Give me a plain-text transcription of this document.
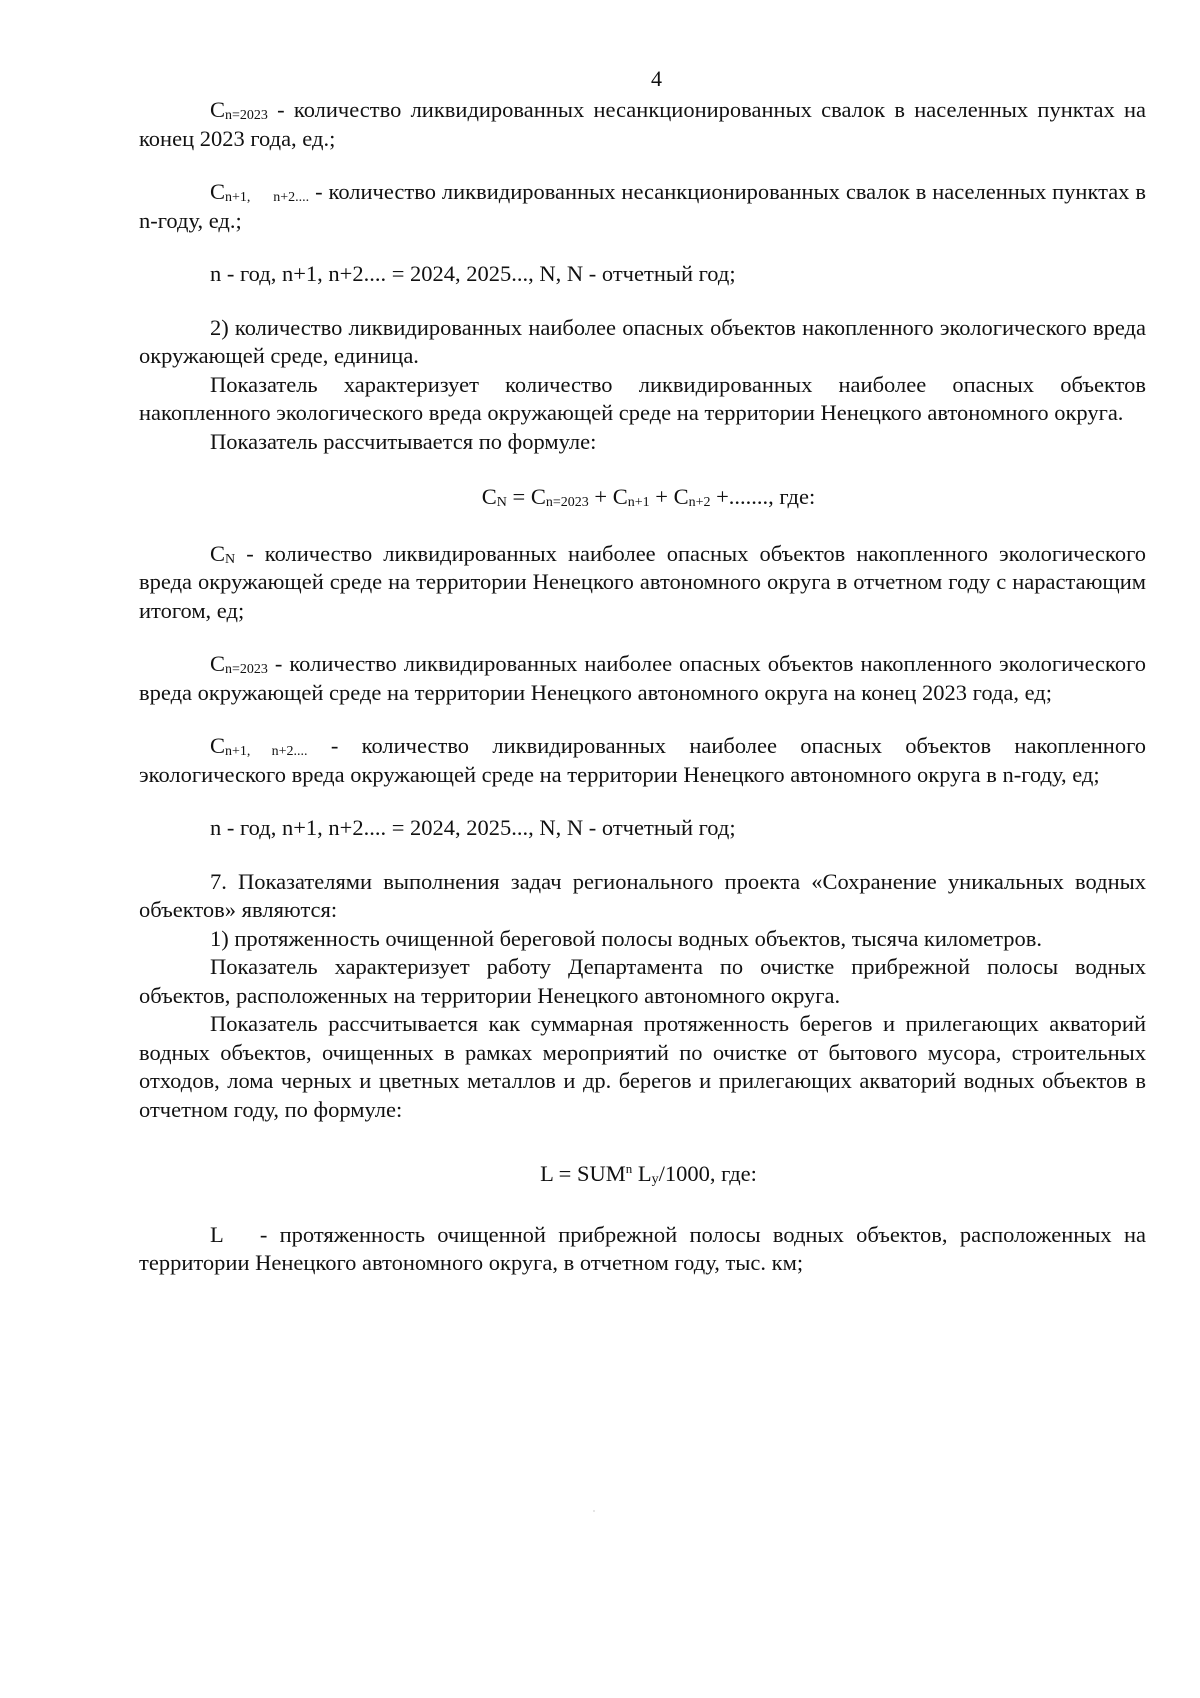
4

$C_{n=2023}$ - количество ликвидированных несанкционированных свалок в населенных пунктах на конец 2023 года, ед.;

$C_{n+1, n+2....}$ - количество ликвидированных несанкционированных свалок в населенных пунктах в n-году, ед.;

n - год, n+1, n+2.... = 2024, 2025..., N, N - отчетный год;

2) количество ликвидированных наиболее опасных объектов накопленного экологического вреда окружающей среде, единица.

Показатель характеризует количество ликвидированных наиболее опасных объектов накопленного экологического вреда окружающей среде на территории Ненецкого автономного округа.

Показатель рассчитывается по формуле:

$C_N = C_{n=2023} + C_{n+1} + C_{n+2}$ +......., где:

$C_N$ - количество ликвидированных наиболее опасных объектов накопленного экологического вреда окружающей среде на территории Ненецкого автономного округа в отчетном году с нарастающим итогом, ед;

$C_{n=2023}$ - количество ликвидированных наиболее опасных объектов накопленного экологического вреда окружающей среде на территории Ненецкого автономного округа на конец 2023 года, ед;

$C_{n+1, n+2....}$ - количество ликвидированных наиболее опасных объектов накопленного экологического вреда окружающей среде на территории Ненецкого автономного округа в n-году, ед;

n - год, n+1, n+2.... = 2024, 2025..., N, N - отчетный год;

7. Показателями выполнения задач регионального проекта «Сохранение уникальных водных объектов» являются:

1) протяженность очищенной береговой полосы водных объектов, тысяча километров.

Показатель характеризует работу Департамента по очистке прибрежной полосы водных объектов, расположенных на территории Ненецкого автономного округа.

Показатель рассчитывается как суммарная протяженность берегов и прилегающих акваторий водных объектов, очищенных в рамках мероприятий по очистке от бытового мусора, строительных отходов, лома черных и цветных металлов и др. берегов и прилегающих акваторий водных объектов в отчетном году, по формуле:

$L = SUM^n$ $L_y/1000$, где:

L   - протяженность очищенной прибрежной полосы водных объектов, расположенных на территории Ненецкого автономного округа, в отчетном году, тыс. км;
